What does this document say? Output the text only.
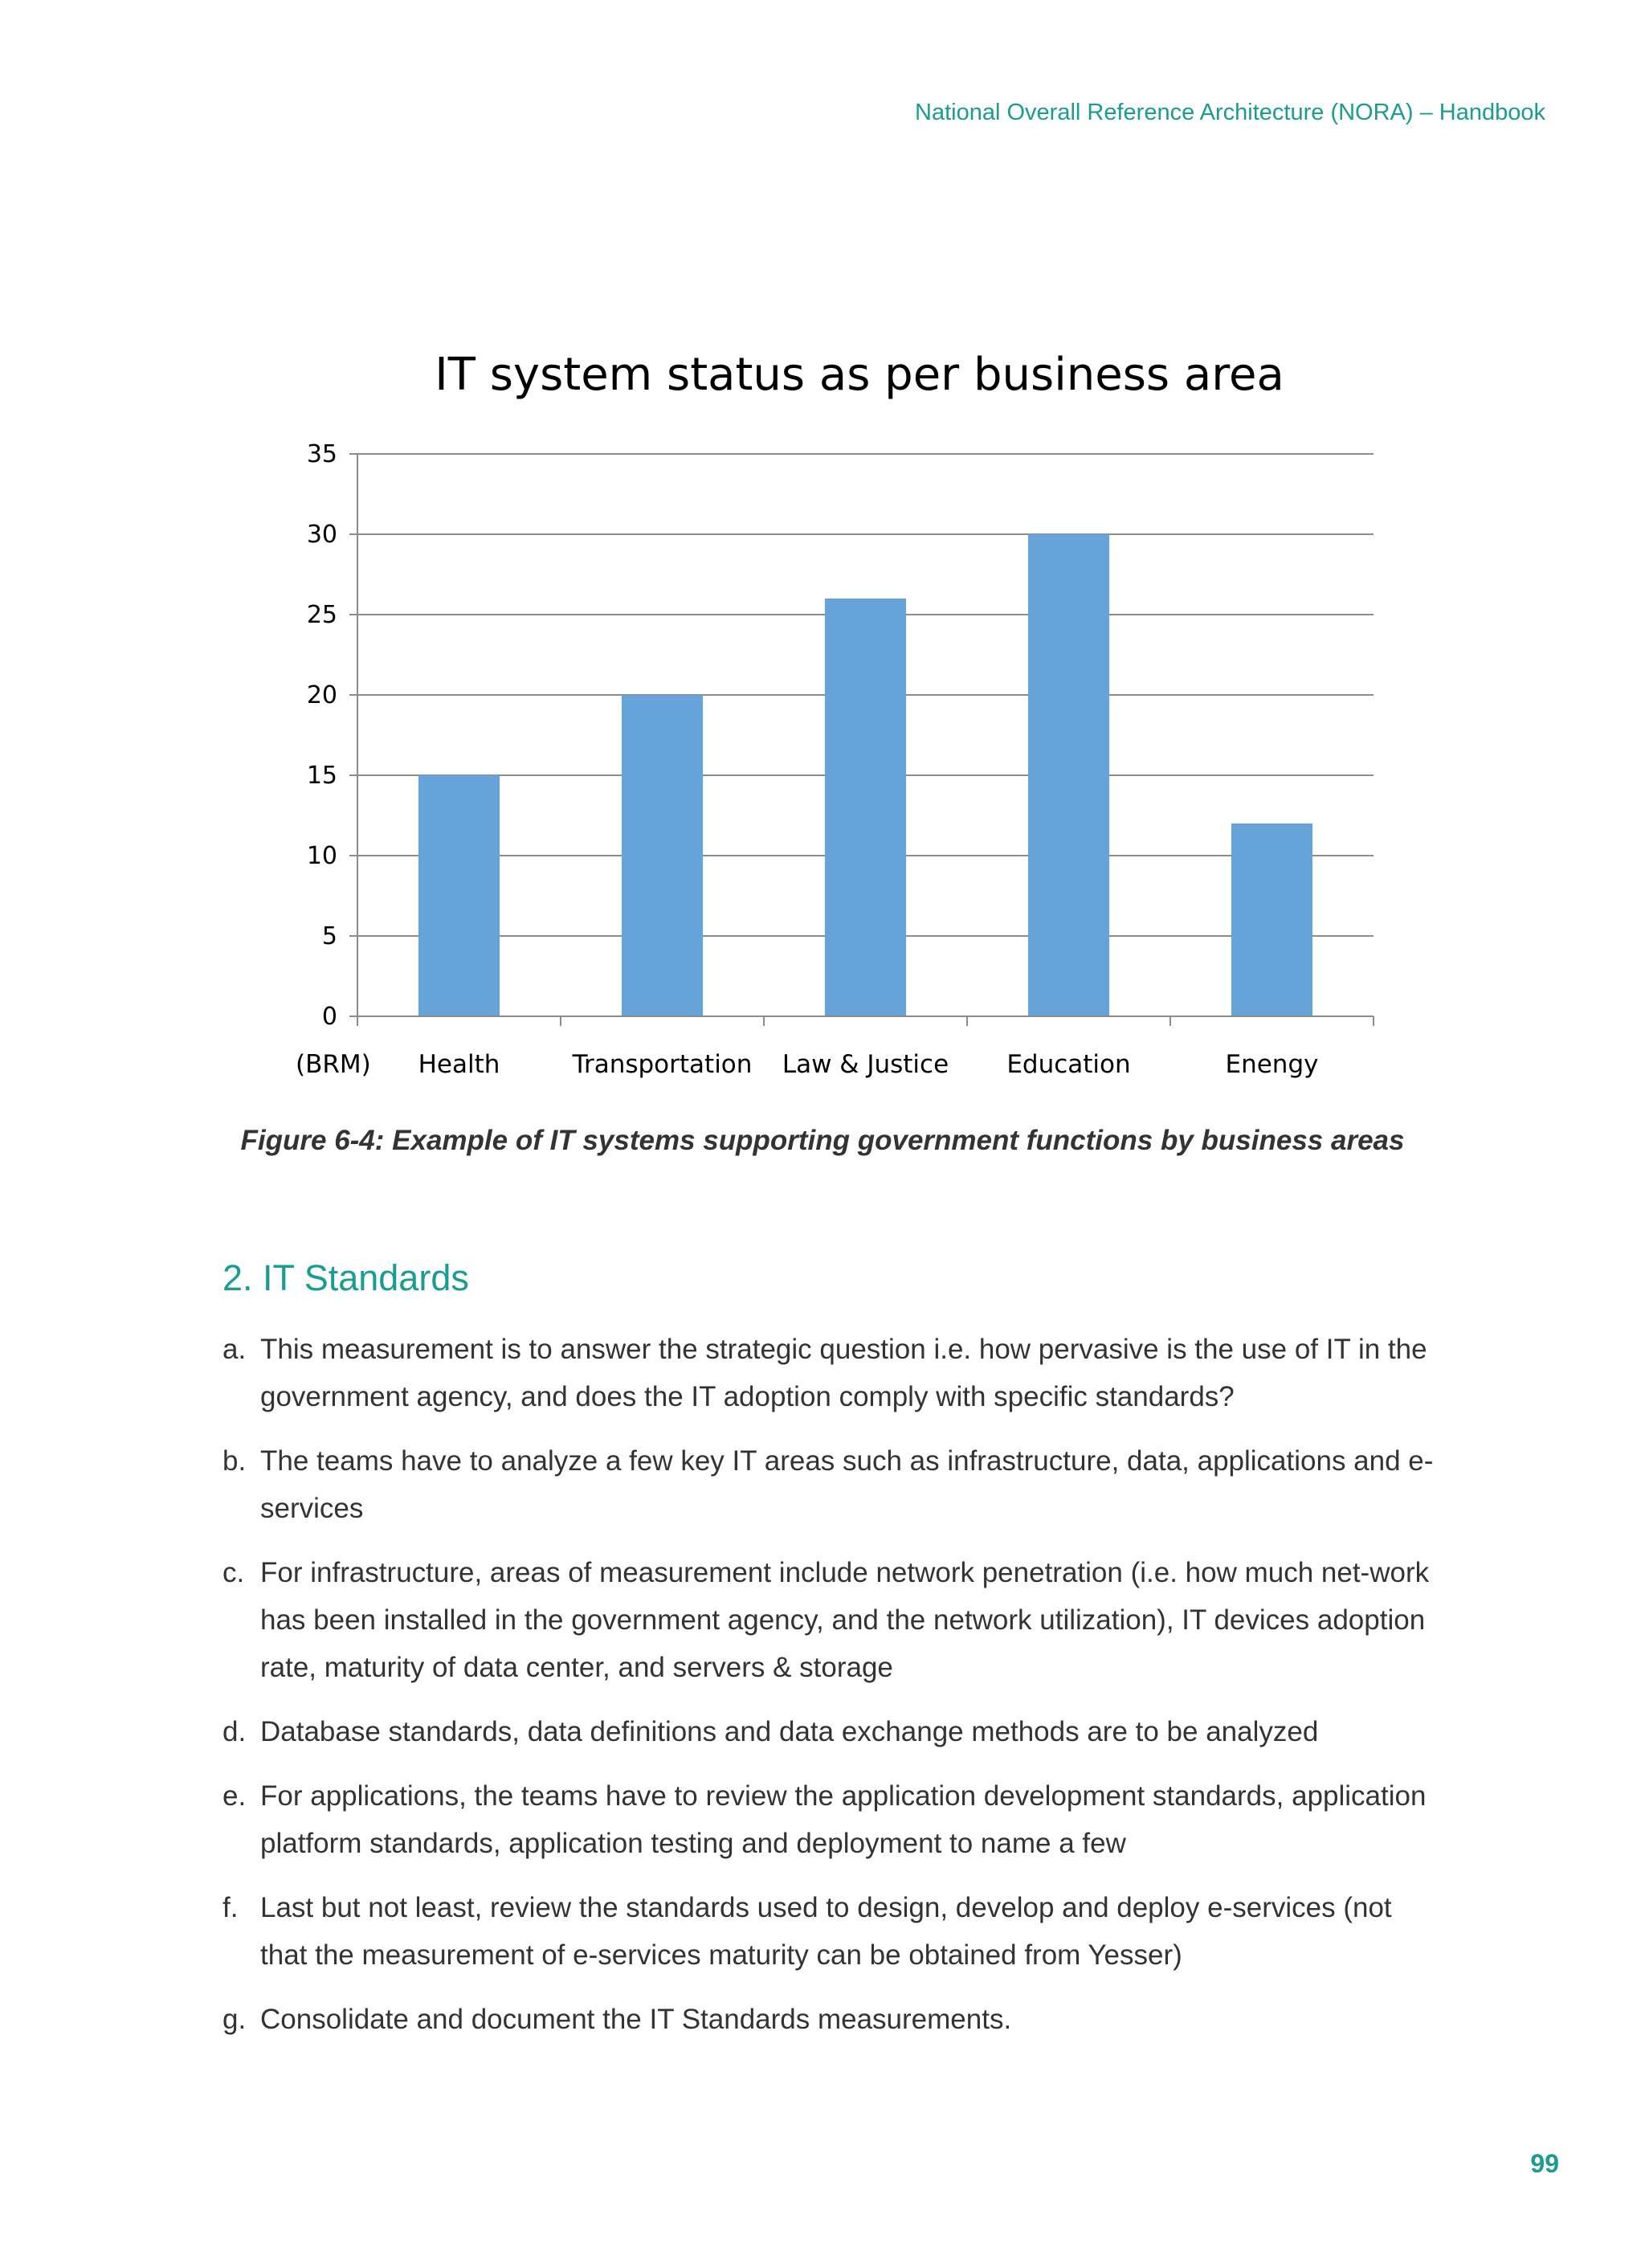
National Overall Reference Architecture (NORA) – Handbook
IT system status as per business area
0
5
10
15
20
25
30
35
Health	Transportation Law & Justice Education	Enengy
(BRM)
Figure 6-4: Example of IT systems supporting government functions by business areas
2. IT Standards
a. This measurement is to answer the strategic question i.e. how pervasive is the use of IT in the government agency, and does the IT adoption comply with specific standards?
b. The teams have to analyze a few key IT areas such as infrastructure, data, applications and e-services
c. For infrastructure, areas of measurement include network penetration (i.e. how much net-work has been installed in the government agency, and the network utilization), IT devices adoption rate, maturity of data center, and servers & storage
d. Database standards, data definitions and data exchange methods are to be analyzed
e. For applications, the teams have to review the application development standards, application platform standards, application testing and deployment to name a few
f. Last but not least, review the standards used to design, develop and deploy e-services (not that the measurement of e-services maturity can be obtained from Yesser)
g. Consolidate and document the IT Standards measurements.
99
